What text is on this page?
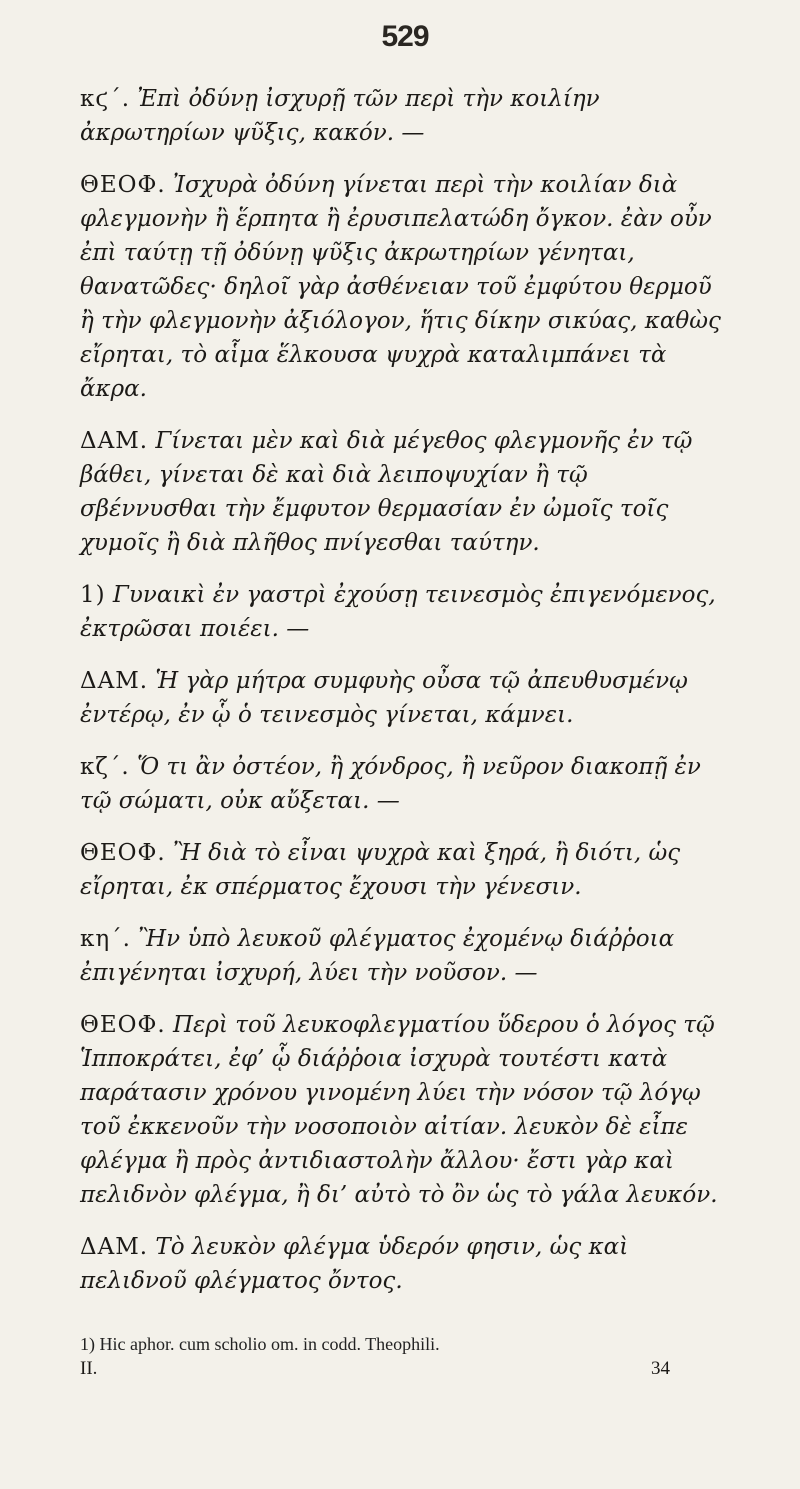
529

κϛ΄. Ἐπὶ ὀδύνῃ ἰσχυρῇ τῶν περὶ τὴν κοιλίην ἀκρωτηρίων ψῦξις, κακόν. —

ΘΕΟΦ. Ἰσχυρὰ ὀδύνη γίνεται περὶ τὴν κοιλίαν διὰ φλεγμονὴν ἢ ἕρπητα ἢ ἐρυσιπελατώδη ὄγκον. ἐὰν οὖν ἐπὶ ταύτῃ τῇ ὀδύνῃ ψῦξις ἀκρωτηρίων γένηται, θανατῶδες· δηλοῖ γὰρ ἀσθένειαν τοῦ ἐμφύτου θερμοῦ ἢ τὴν φλεγμονὴν ἀξιόλογον, ἥτις δίκην σικύας, καθὼς εἴρηται, τὸ αἷμα ἕλκουσα ψυχρὰ καταλιμπάνει τὰ ἄκρα.

ΔΑΜ. Γίνεται μὲν καὶ διὰ μέγεθος φλεγμονῆς ἐν τῷ βάθει, γίνεται δὲ καὶ διὰ λειποψυχίαν ἢ τῷ σβέννυσθαι τὴν ἔμφυτον θερμασίαν ἐν ὠμοῖς τοῖς χυμοῖς ἢ διὰ πλῆθος πνίγεσθαι ταύτην.

1) Γυναικὶ ἐν γαστρὶ ἐχούσῃ τεινεσμὸς ἐπιγενόμενος, ἐκτρῶσαι ποιέει. —

ΔΑΜ. Ἡ γὰρ μήτρα συμφυὴς οὖσα τῷ ἀπευθυσμένῳ ἐντέρῳ, ἐν ᾧ ὁ τεινεσμὸς γίνεται, κάμνει.

κζ΄. Ὅ τι ἂν ὀστέον, ἢ χόνδρος, ἢ νεῦρον διακοπῇ ἐν τῷ σώματι, οὐκ αὔξεται. —

ΘΕΟΦ. Ἢ διὰ τὸ εἶναι ψυχρὰ καὶ ξηρά, ἢ διότι, ὡς εἴρηται, ἐκ σπέρματος ἔχουσι τὴν γένεσιν.

κη΄. Ἢν ὑπὸ λευκοῦ φλέγματος ἐχομένῳ διάῤῥοια ἐπιγένηται ἰσχυρή, λύει τὴν νοῦσον. —

ΘΕΟΦ. Περὶ τοῦ λευκοφλεγματίου ὕδερου ὁ λόγος τῷ Ἱπποκράτει, ἐφ’ ᾧ διάῤῥοια ἰσχυρὰ τουτέστι κατὰ παράτασιν χρόνου γινομένη λύει τὴν νόσον τῷ λόγῳ τοῦ ἐκκενοῦν τὴν νοσοποιὸν αἰτίαν. λευκὸν δὲ εἶπε φλέγμα ἢ πρὸς ἀντιδιαστολὴν ἄλλου· ἔστι γὰρ καὶ πελιδνὸν φλέγμα, ἢ δι’ αὐτὸ τὸ ὂν ὡς τὸ γάλα λευκόν.

ΔΑΜ. Τὸ λευκὸν φλέγμα ὑδερόν φησιν, ὡς καὶ πελιδνοῦ φλέγματος ὄντος.

1) Hic aphor. cum scholio om. in codd. Theophili.
II.	34
